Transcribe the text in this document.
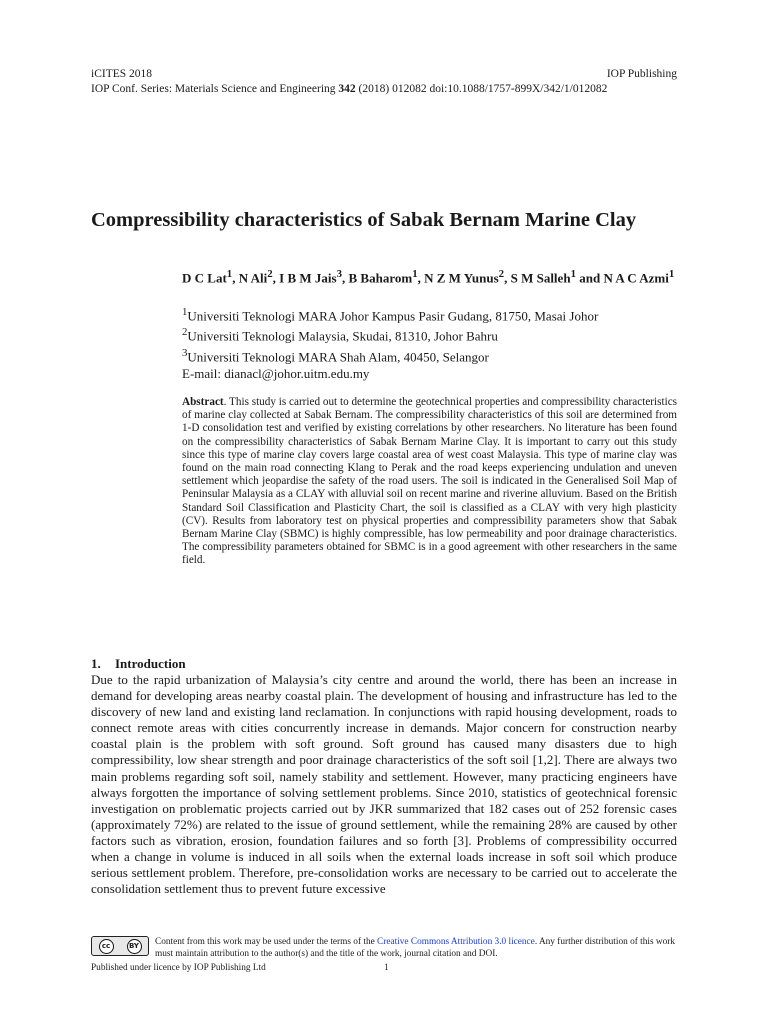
iCITES 2018	IOP Publishing
IOP Conf. Series: Materials Science and Engineering 342 (2018) 012082 doi:10.1088/1757-899X/342/1/012082
Compressibility characteristics of Sabak Bernam Marine Clay
D C Lat$^1$, N Ali$^2$, I B M Jais$^3$, B Baharom$^1$, N Z M Yunus$^2$, S M Salleh$^1$ and N A C Azmi$^1$
$^1$Universiti Teknologi MARA Johor Kampus Pasir Gudang, 81750, Masai Johor
$^2$Universiti Teknologi Malaysia, Skudai, 81310, Johor Bahru
$^3$Universiti Teknologi MARA Shah Alam, 40450, Selangor
E-mail: dianacl@johor.uitm.edu.my

Abstract. This study is carried out to determine the geotechnical properties and compressibility characteristics of marine clay collected at Sabak Bernam. The compressibility characteristics of this soil are determined from 1-D consolidation test and verified by existing correlations by other researchers. No literature has been found on the compressibility characteristics of Sabak Bernam Marine Clay. It is important to carry out this study since this type of marine clay covers large coastal area of west coast Malaysia. This type of marine clay was found on the main road connecting Klang to Perak and the road keeps experiencing undulation and uneven settlement which jeopardise the safety of the road users. The soil is indicated in the Generalised Soil Map of Peninsular Malaysia as a CLAY with alluvial soil on recent marine and riverine alluvium. Based on the British Standard Soil Classification and Plasticity Chart, the soil is classified as a CLAY with very high plasticity (CV). Results from laboratory test on physical properties and compressibility parameters show that Sabak Bernam Marine Clay (SBMC) is highly compressible, has low permeability and poor drainage characteristics. The compressibility parameters obtained for SBMC is in a good agreement with other researchers in the same field.

1. Introduction

Due to the rapid urbanization of Malaysia’s city centre and around the world, there has been an increase in demand for developing areas nearby coastal plain. The development of housing and infrastructure has led to the discovery of new land and existing land reclamation. In conjunctions with rapid housing development, roads to connect remote areas with cities concurrently increase in demands. Major concern for construction nearby coastal plain is the problem with soft ground. Soft ground has caused many disasters due to high compressibility, low shear strength and poor drainage characteristics of the soft soil [1,2]. There are always two main problems regarding soft soil, namely stability and settlement. However, many practicing engineers have always forgotten the importance of solving settlement problems. Since 2010, statistics of geotechnical forensic investigation on problematic projects carried out by JKR summarized that 182 cases out of 252 forensic cases (approximately 72%) are related to the issue of ground settlement, while the remaining 28% are caused by other factors such as vibration, erosion, foundation failures and so forth [3]. Problems of compressibility occurred when a change in volume is induced in all soils when the external loads increase in soft soil which produce serious settlement problem. Therefore, pre-consolidation works are necessary to be carried out to accelerate the consolidation settlement thus to prevent future excessive

cc	BY Content from this work may be used under the terms of the Creative Commons Attribution 3.0 licence. Any further distribution of this work must maintain attribution to the author(s) and the title of the work, journal citation and DOI.
Published under licence by IOP Publishing Ltd	1
